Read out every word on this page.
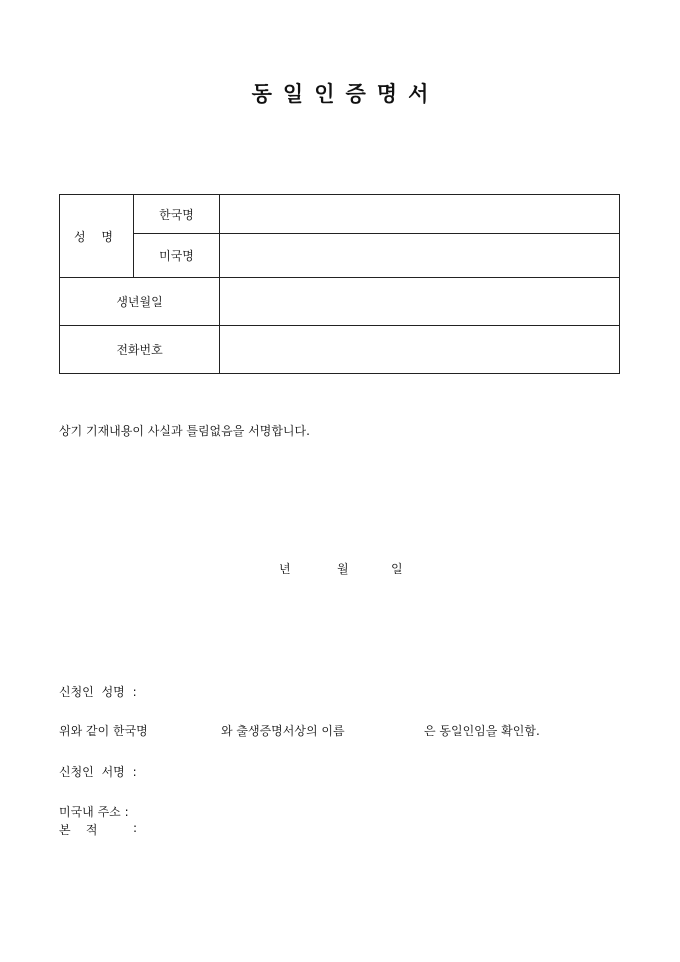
동일인증명서
성 명	한국명	
	미국명	
생년월일		
전화번호		
상기 기재내용이 사실과 틀림없음을 서명합니다.
년	월	일
신청인 성명 :
위와 같이 한국명	와 출생증명서상의 이름	은 동일인임을 확인함.
신청인 서명 :
미국내 주소 :
본    적	:
